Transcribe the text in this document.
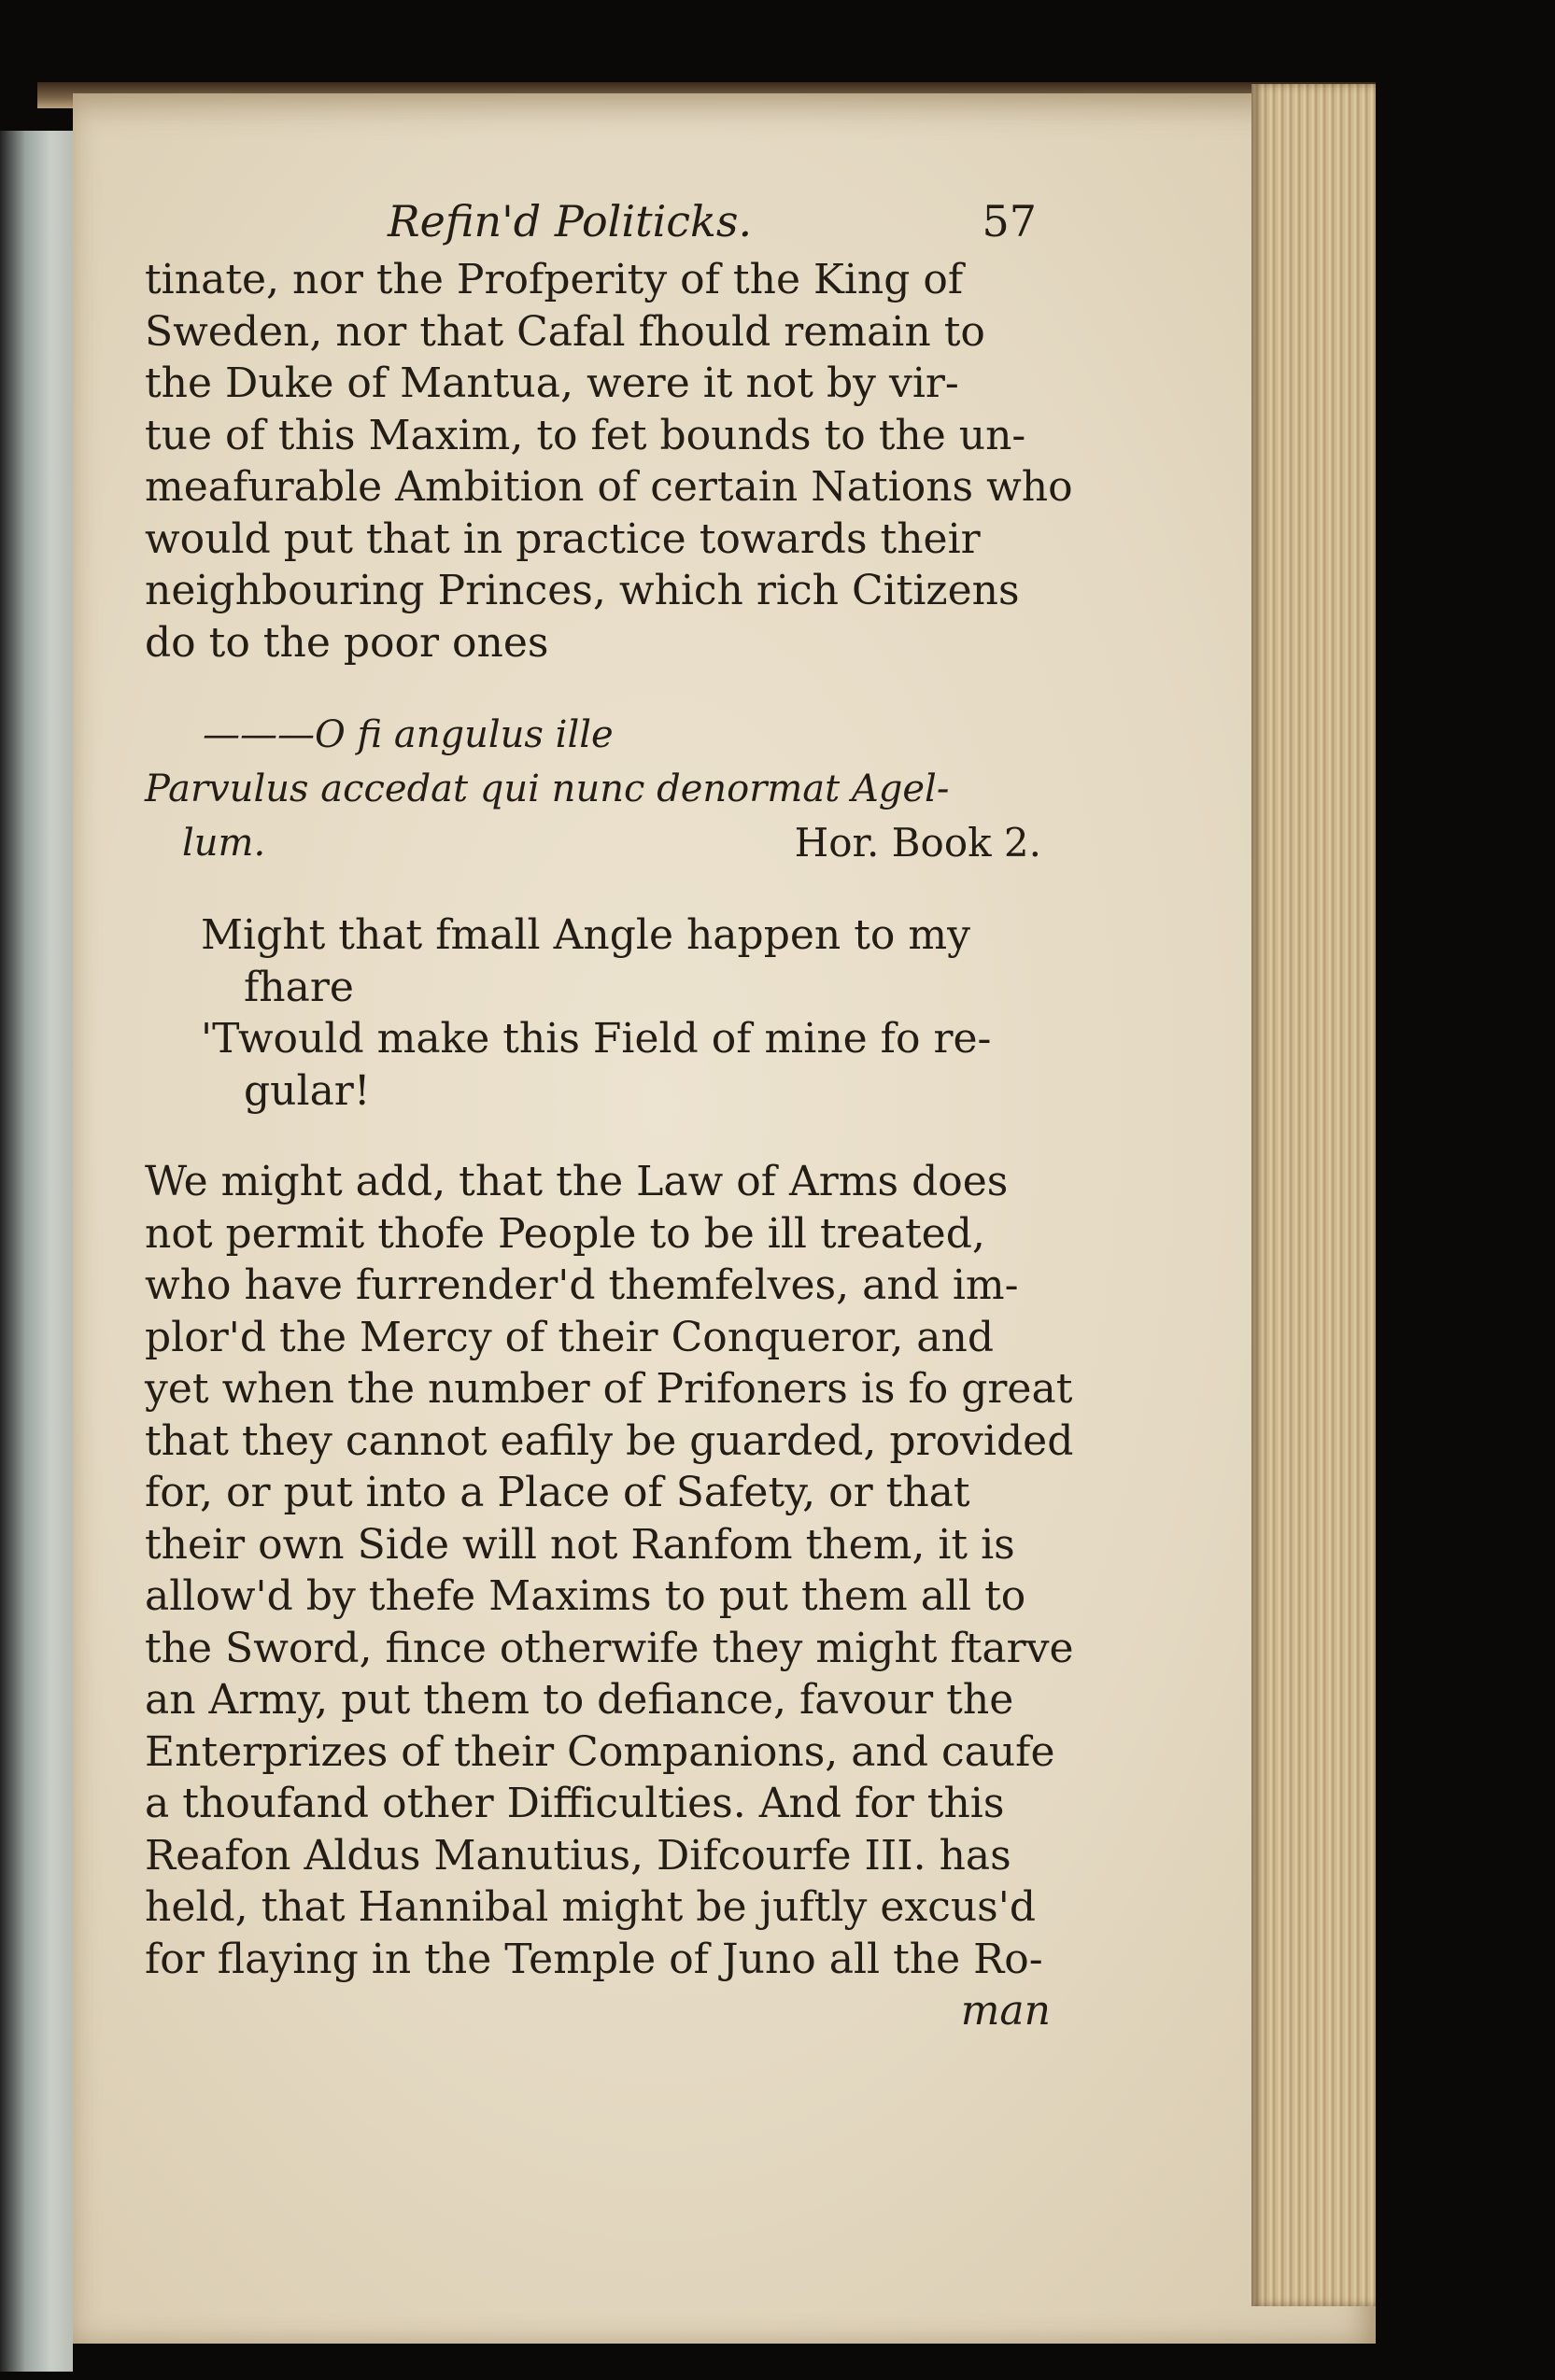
Refin'd Politicks.	57
tinate, nor the Profperity of the King of
Sweden, nor that Cafal fhould remain to
the Duke of Mantua, were it not by vir-
tue of this Maxim, to fet bounds to the un-
meafurable Ambition of certain Nations who
would put that in practice towards their
neighbouring Princes, which rich Citizens
do to the poor ones
———O fi angulus ille
Parvulus accedat qui nunc denormat Agel-
lum.	Hor. Book 2.
Might that fmall Angle happen to my
fhare
'Twould make this Field of mine fo re-
gular!
We might add, that the Law of Arms does
not permit thofe People to be ill treated,
who have furrender'd themfelves, and im-
plor'd the Mercy of their Conqueror, and
yet when the number of Prifoners is fo great
that they cannot eafily be guarded, provided
for, or put into a Place of Safety, or that
their own Side will not Ranfom them, it is
allow'd by thefe Maxims to put them all to
the Sword, fince otherwife they might ftarve
an Army, put them to defiance, favour the
Enterprizes of their Companions, and caufe
a thoufand other Difficulties. And for this
Reafon Aldus Manutius, Difcourfe III. has
held, that Hannibal might be juftly excus'd
for flaying in the Temple of Juno all the Ro-
man
